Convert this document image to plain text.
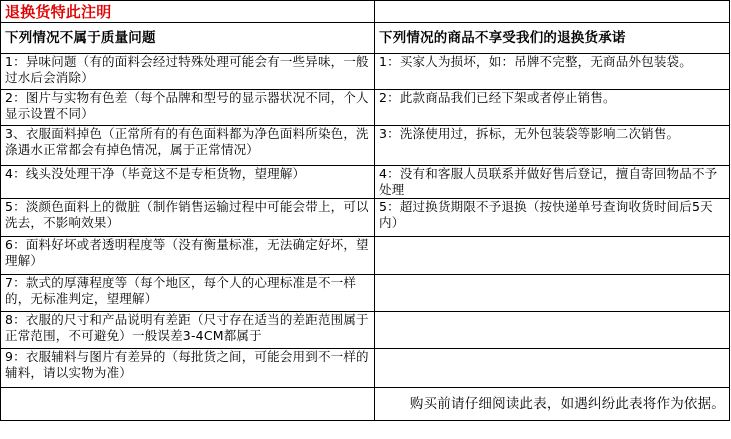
退换货特此注明	
下列情况不属于质量问题	下列情况的商品不享受我们的退换货承诺
1：异味问题（有的面料会经过特殊处理可能会有一些异味，一般过水后会消除）	1：买家人为损坏，如：吊牌不完整，无商品外包装袋。
2：图片与实物有色差（每个品牌和型号的显示器状况不同，个人显示设置不同）	2：此款商品我们已经下架或者停止销售。
3、衣服面料掉色（正常所有的有色面料都为净色面料所染色，洗涤遇水正常都会有掉色情况，属于正常情况）	3：洗涤使用过，拆标，无外包装袋等影响二次销售。
4：线头没处理干净（毕竟这不是专柜货物，望理解）	4：没有和客服人员联系并做好售后登记，擅自寄回物品不予处理
5：淡颜色面料上的微脏（制作销售运输过程中可能会带上，可以洗去，不影响效果）	5：超过换货期限不予退换（按快递单号查询收货时间后5天内）
6：面料好坏或者透明程度等（没有衡量标准，无法确定好坏，望理解）	
7：款式的厚薄程度等（每个地区，每个人的心理标准是不一样的，无标准判定，望理解）	
8：衣服的尺寸和产品说明有差距（尺寸存在适当的差距范围属于正常范围，不可避免）一般误差3-4CM都属于	
9：衣服辅料与图片有差异的（每批货之间，可能会用到不一样的辅料，请以实物为准）	
	购买前请仔细阅读此表，如遇纠纷此表将作为依据。
